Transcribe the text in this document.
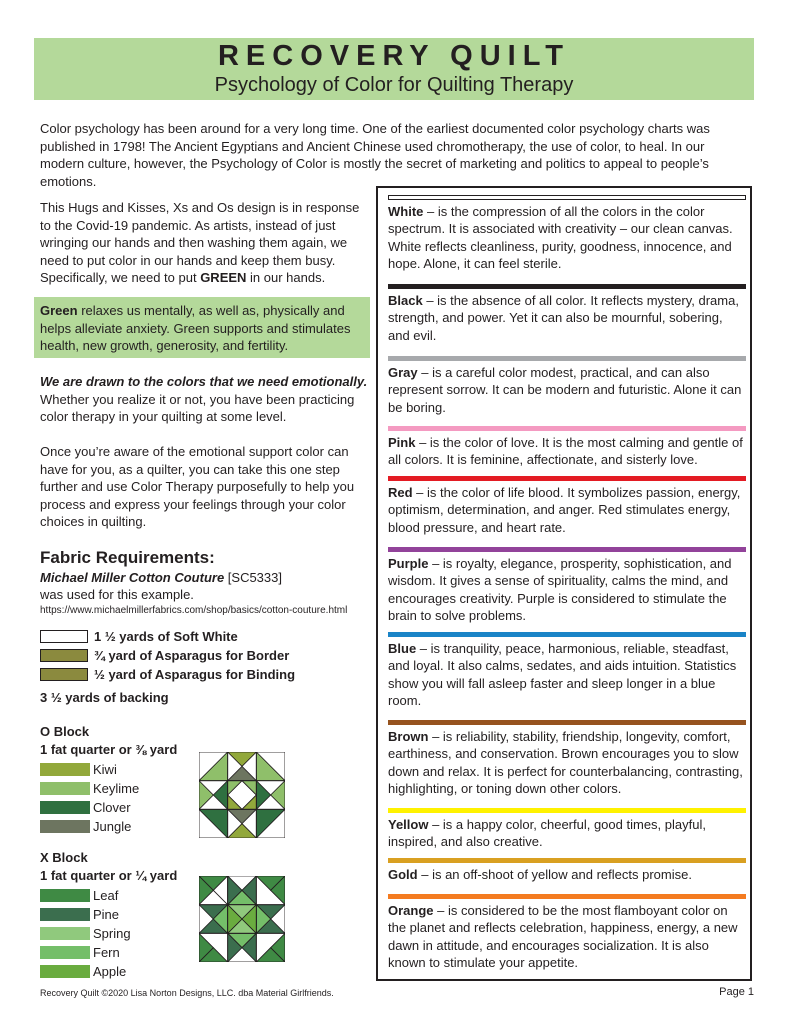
RECOVERY QUILT
Psychology of Color for Quilting Therapy
Color psychology has been around for a very long time. One of the earliest documented color psychology charts was published in 1798! The Ancient Egyptians and Ancient Chinese used chromotherapy, the use of color, to heal. In our modern culture, however, the Psychology of Color is mostly the secret of marketing and politics to appeal to people’s emotions.
This Hugs and Kisses, Xs and Os design is in response to the Covid-19 pandemic. As artists, instead of just wringing our hands and then washing them again, we need to put color in our hands and keep them busy. Specifically, we need to put GREEN in our hands.
Green relaxes us mentally, as well as, physically and helps alleviate anxiety. Green supports and stimulates health, new growth, generosity, and fertility.
We are drawn to the colors that we need emotionally. Whether you realize it or not, you have been practicing color therapy in your quilting at some level.
Once you’re aware of the emotional support color can have for you, as a quilter, you can take this one step further and use Color Therapy purposefully to help you process and express your feelings through your color choices in quilting.
Fabric Requirements:
Michael Miller Cotton Couture [SC5333]
was used for this example.
https://www.michaelmillerfabrics.com/shop/basics/cotton-couture.html
1 ½ yards of Soft White
¾ yard of Asparagus for Border
½ yard of Asparagus for Binding
3 ½ yards of backing
O Block
1 fat quarter or ⅜ yard
Kiwi
Keylime
Clover
Jungle
X Block
1 fat quarter or ¼ yard
Leaf
Pine
Spring
Fern
Apple
White – is the compression of all the colors in the color spectrum. It is associated with creativity – our clean canvas. White reflects cleanliness, purity, goodness, innocence, and hope. Alone, it can feel sterile.
Black – is the absence of all color. It reflects mystery, drama, strength, and power. Yet it can also be mournful, sobering, and evil.
Gray – is a careful color modest, practical, and can also represent sorrow. It can be modern and futuristic. Alone it can be boring.
Pink – is the color of love. It is the most calming and gentle of all colors. It is feminine, affectionate, and sisterly love.
Red – is the color of life blood. It symbolizes passion, energy, optimism, determination, and anger. Red stimulates energy, blood pressure, and heart rate.
Purple – is royalty, elegance, prosperity, sophistication, and wisdom. It gives a sense of spirituality, calms the mind, and encourages creativity. Purple is considered to stimulate the brain to solve problems.
Blue – is tranquility, peace, harmonious, reliable, steadfast, and loyal. It also calms, sedates, and aids intuition. Statistics show you will fall asleep faster and sleep longer in a blue room.
Brown – is reliability, stability, friendship, longevity, comfort, earthiness, and conservation. Brown encourages you to slow down and relax. It is perfect for counterbalancing, contrasting, highlighting, or toning down other colors.
Yellow – is a happy color, cheerful, good times, playful, inspired, and also creative.
Gold – is an off-shoot of yellow and reflects promise.
Orange – is considered to be the most flamboyant color on the planet and reflects celebration, happiness, energy, a new dawn in attitude, and encourages socialization. It is also known to stimulate your appetite.
Recovery Quilt ©2020 Lisa Norton Designs, LLC. dba Material Girlfriends.	Page 1
